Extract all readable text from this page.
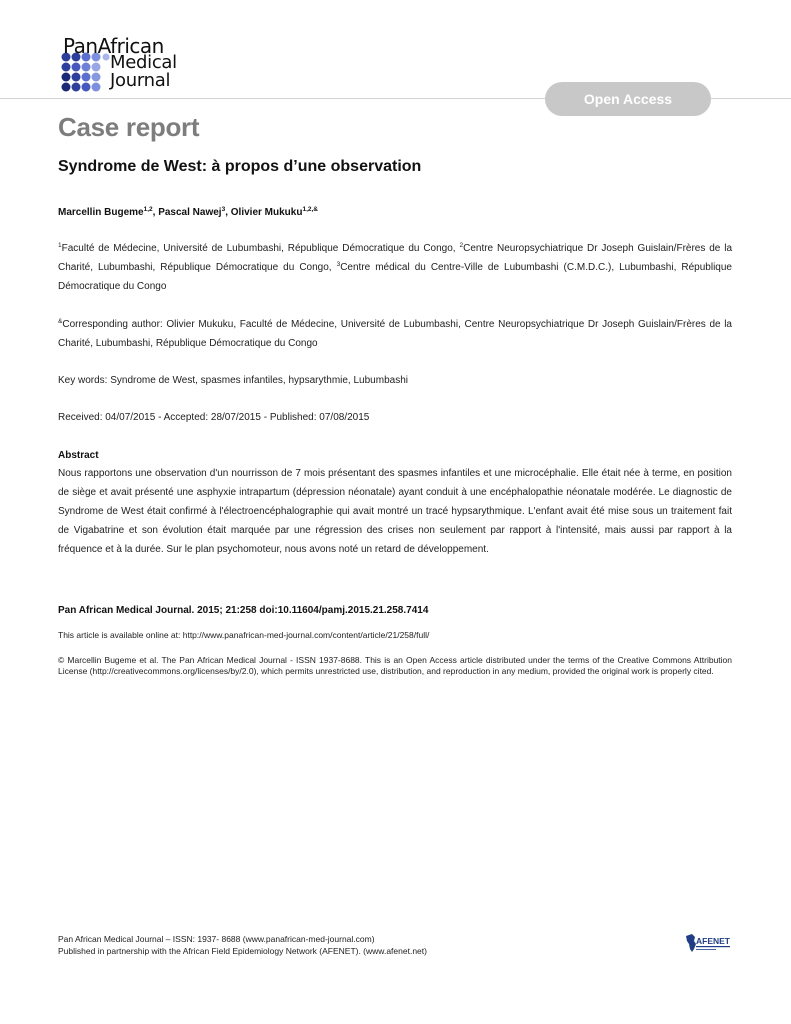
PanAfrican
Medical
Journal
Open Access
Case report
Syndrome de West: à propos d’une observation
Marcellin Bugeme$^{1,2}$, Pascal Nawej$^3$, Olivier Mukuku$^{1,2,\&}$
$^1$Faculté de Médecine, Université de Lubumbashi, République Démocratique du Congo, $^2$Centre Neuropsychiatrique Dr Joseph Guislain/Frères de la Charité, Lubumbashi, République Démocratique du Congo, $^3$Centre médical du Centre-Ville de Lubumbashi (C.M.D.C.), Lubumbashi, République Démocratique du Congo
&Corresponding author: Olivier Mukuku, Faculté de Médecine, Université de Lubumbashi, Centre Neuropsychiatrique Dr Joseph Guislain/Frères de la Charité, Lubumbashi, République Démocratique du Congo
Key words: Syndrome de West, spasmes infantiles, hypsarythmie, Lubumbashi
Received: 04/07/2015 - Accepted: 28/07/2015 - Published: 07/08/2015
Abstract
Nous rapportons une observation d'un nourrisson de 7 mois présentant des spasmes infantiles et une microcéphalie. Elle était née à terme, en position de siège et avait présenté une asphyxie intrapartum (dépression néonatale) ayant conduit à une encéphalopathie néonatale modérée. Le diagnostic de Syndrome de West était confirmé à l'électroencéphalographie qui avait montré un tracé hypsarythmique. L'enfant avait été mise sous un traitement fait de Vigabatrine et son évolution était marquée par une régression des crises non seulement par rapport à l'intensité, mais aussi par rapport à la fréquence et à la durée. Sur le plan psychomoteur, nous avons noté un retard de développement.
Pan African Medical Journal. 2015; 21:258 doi:10.11604/pamj.2015.21.258.7414
This article is available online at: http://www.panafrican-med-journal.com/content/article/21/258/full/
© Marcellin Bugeme et al. The Pan African Medical Journal - ISSN 1937-8688. This is an Open Access article distributed under the terms of the Creative Commons Attribution License (http://creativecommons.org/licenses/by/2.0), which permits unrestricted use, distribution, and reproduction in any medium, provided the original work is properly cited.
Pan African Medical Journal – ISSN: 1937- 8688 (www.panafrican-med-journal.com)
Published in partnership with the African Field Epidemiology Network (AFENET). (www.afenet.net)
AFENET
